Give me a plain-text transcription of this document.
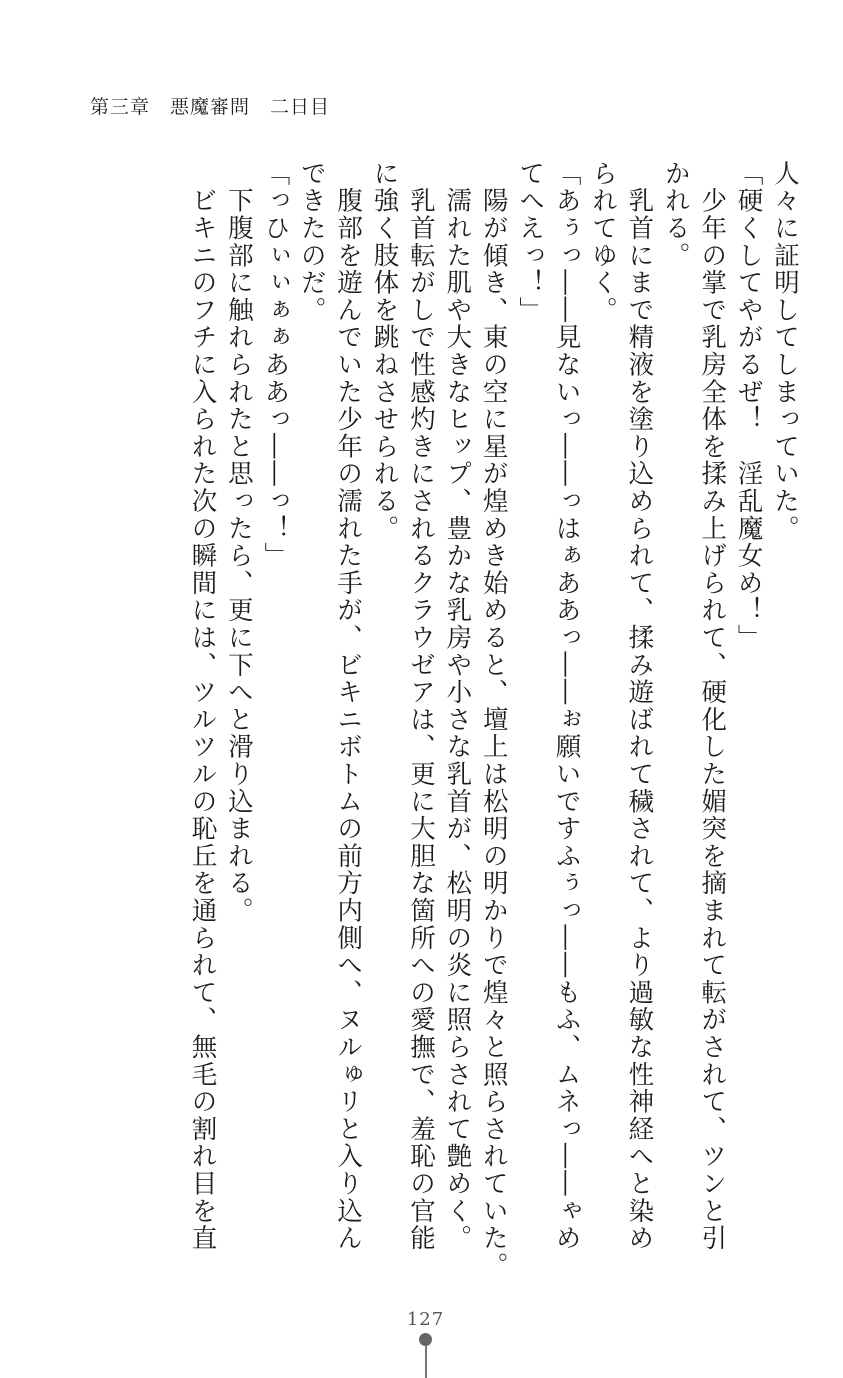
第三章　悪魔審問　二日目
人々に証明してしまっていた。
「硬くしてやがるぜ！　淫乱魔女め！」
　少年の掌で乳房全体を揉み上げられて、硬化した媚突を摘まれて転がされて、ツンと引
かれる。
　乳首にまで精液を塗り込められて、揉み遊ばれて穢されて、より過敏な性神経へと染め
られてゆく。
「あぅっ――見ないっ――っはぁああっ――ぉ願いですふぅっ――もふ、ムネっ――ゃめ
てへえっ！」
　陽が傾き、東の空に星が煌めき始めると、壇上は松明の明かりで煌々と照らされていた。
　濡れた肌や大きなヒップ、豊かな乳房や小さな乳首が、松明の炎に照らされて艶めく。
　乳首転がしで性感灼きにされるクラウゼアは、更に大胆な箇所への愛撫で、羞恥の官能
に強く肢体を跳ねさせられる。
　腹部を遊んでいた少年の濡れた手が、ビキニボトムの前方内側へ、ヌルゅリと入り込ん
できたのだ。
「っひぃぃぁぁああっ――っ！」
　下腹部に触れられたと思ったら、更に下へと滑り込まれる。
　ビキニのフチに入られた次の瞬間には、ツルツルの恥丘を通られて、無毛の割れ目を直
127
